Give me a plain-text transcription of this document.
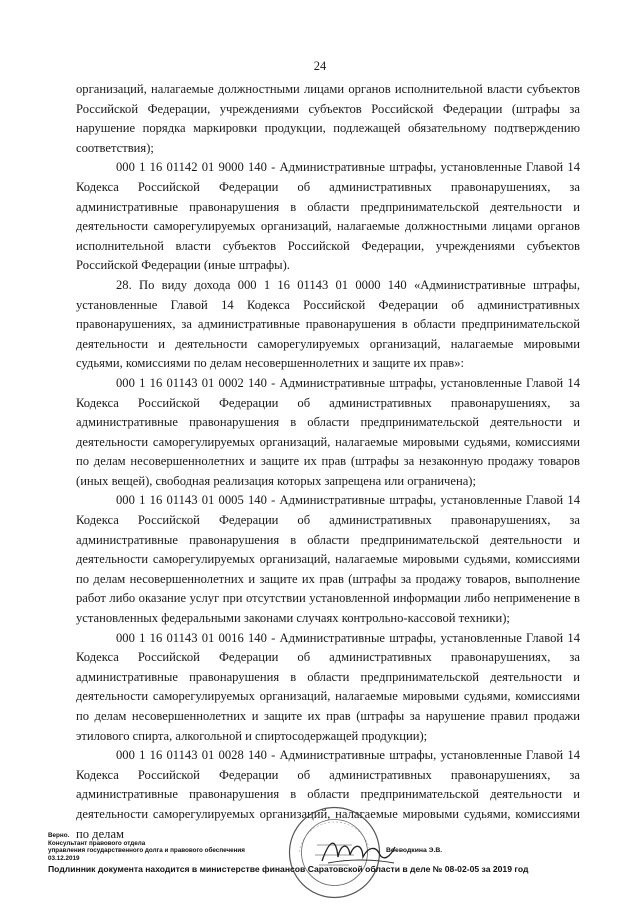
24

организаций, налагаемые должностными лицами органов исполнительной власти субъектов Российской Федерации, учреждениями субъектов Российской Федерации (штрафы за нарушение порядка маркировки продукции, подлежащей обязательному подтверждению соответствия);

000 1 16 01142 01 9000 140 - Административные штрафы, установленные Главой 14 Кодекса Российской Федерации об административных правонарушениях, за административные правонарушения в области предпринимательской деятельности и деятельности саморегулируемых организаций, налагаемые должностными лицами органов исполнительной власти субъектов Российской Федерации, учреждениями субъектов Российской Федерации (иные штрафы).

28. По виду дохода 000 1 16 01143 01 0000 140 «Административные штрафы, установленные Главой 14 Кодекса Российской Федерации об административных правонарушениях, за административные правонарушения в области предпринимательской деятельности и деятельности саморегулируемых организаций, налагаемые мировыми судьями, комиссиями по делам несовершеннолетних и защите их прав»:

000 1 16 01143 01 0002 140 - Административные штрафы, установленные Главой 14 Кодекса Российской Федерации об административных правонарушениях, за административные правонарушения в области предпринимательской деятельности и деятельности саморегулируемых организаций, налагаемые мировыми судьями, комиссиями по делам несовершеннолетних и защите их прав (штрафы за незаконную продажу товаров (иных вещей), свободная реализация которых запрещена или ограничена);

000 1 16 01143 01 0005 140 - Административные штрафы, установленные Главой 14 Кодекса Российской Федерации об административных правонарушениях, за административные правонарушения в области предпринимательской деятельности и деятельности саморегулируемых организаций, налагаемые мировыми судьями, комиссиями по делам несовершеннолетних и защите их прав (штрафы за продажу товаров, выполнение работ либо оказание услуг при отсутствии установленной информации либо неприменение в установленных федеральными законами случаях контрольно-кассовой техники);

000 1 16 01143 01 0016 140 - Административные штрафы, установленные Главой 14 Кодекса Российской Федерации об административных правонарушениях, за административные правонарушения в области предпринимательской деятельности и деятельности саморегулируемых организаций, налагаемые мировыми судьями, комиссиями по делам несовершеннолетних и защите их прав (штрафы за нарушение правил продажи этилового спирта, алкогольной и спиртосодержащей продукции);

000 1 16 01143 01 0028 140 - Административные штрафы, установленные Главой 14 Кодекса Российской Федерации об административных правонарушениях, за административные правонарушения в области предпринимательской деятельности и деятельности саморегулируемых организаций, налагаемые мировыми судьями, комиссиями по делам

Верно.
Консультант правового отдела
управления государственного долга и правового обеспечения
03.12.2019
Воеводкина Э.В.
Подлинник документа находится в министерстве финансов Саратовской области в деле № 08-02-05 за 2019 год
